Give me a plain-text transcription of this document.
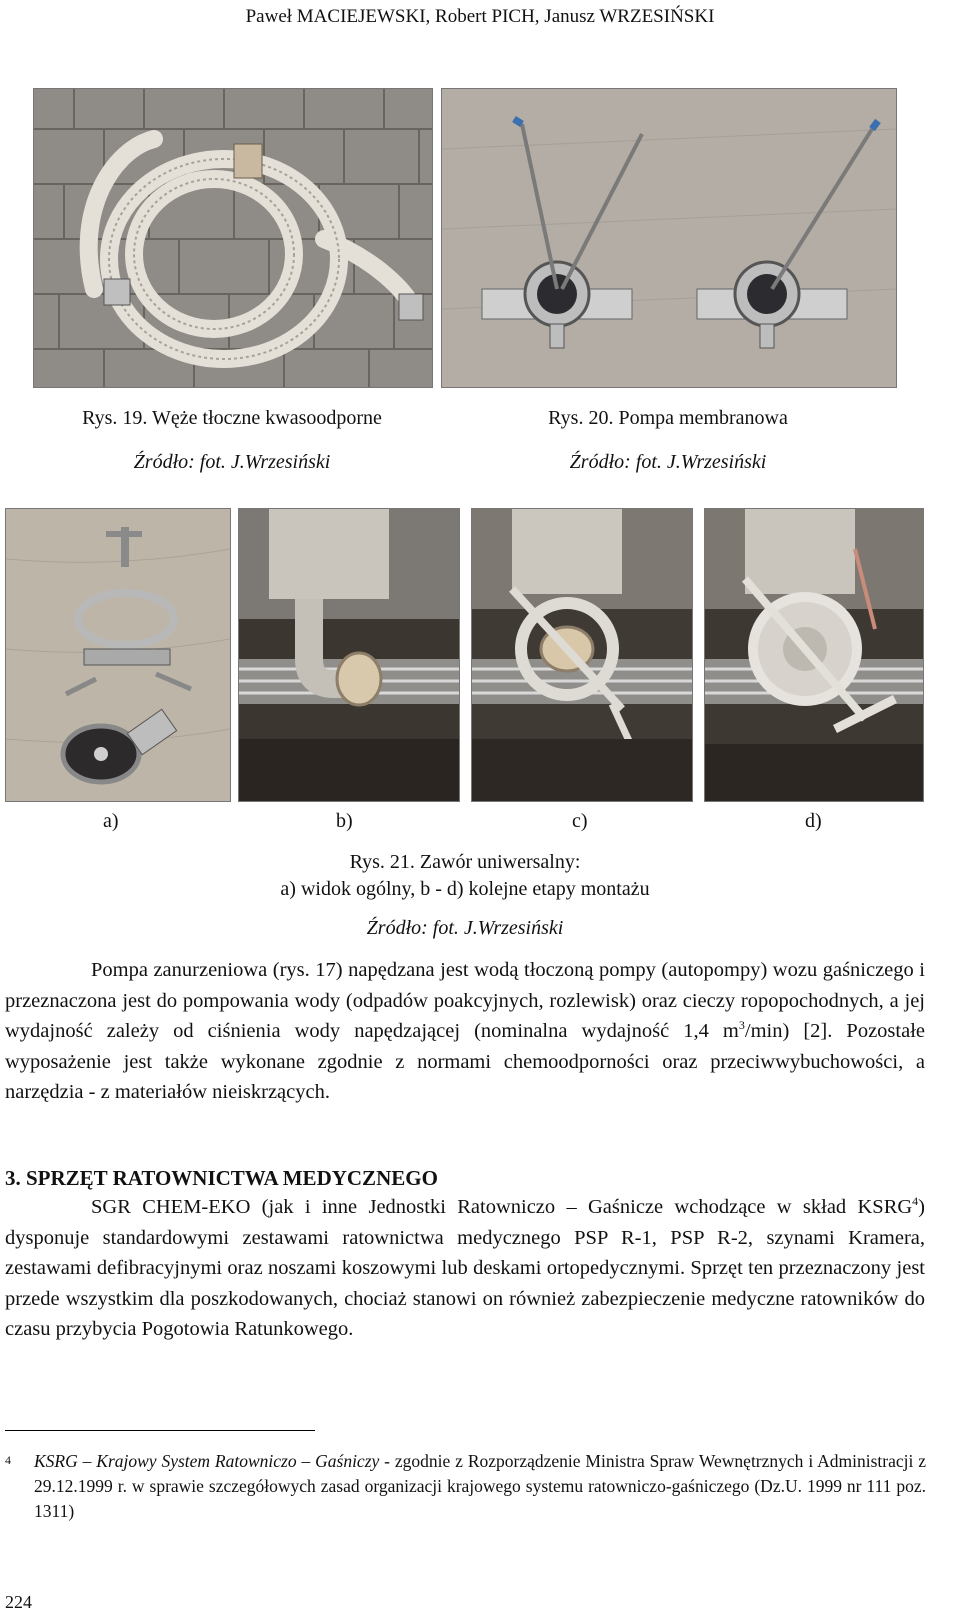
Paweł MACIEJEWSKI, Robert PICH, Janusz WRZESIŃSKI
Rys. 19. Węże tłoczne kwasoodporne
Źródło: fot. J.Wrzesiński
Rys. 20. Pompa membranowa
Źródło: fot. J.Wrzesiński
a)	b)	c)	d)
Rys. 21. Zawór uniwersalny:
a) widok ogólny, b - d) kolejne etapy montażu
Źródło: fot. J.Wrzesiński

Pompa zanurzeniowa (rys. 17) napędzana jest wodą tłoczoną pompy (autopompy) wozu gaśniczego i przeznaczona jest do pompowania wody (odpadów poakcyjnych, rozlewisk) oraz cieczy ropopochodnych, a jej wydajność zależy od ciśnienia wody napędzającej (nominalna wydajność 1,4 $m^3/\min$) [2]. Pozostałe wyposażenie jest także wykonane zgodnie z normami chemoodporności oraz przeciwwybuchowości, a narzędzia - z materiałów nieiskrzących.

3. SPRZĘT RATOWNICTWA MEDYCZNEGO

SGR CHEM-EKO (jak i inne Jednostki Ratowniczo – Gaśnicze wchodzące w skład KSRG$^4$) dysponuje standardowymi zestawami ratownictwa medycznego PSP R-1, PSP R-2, szynami Kramera, zestawami defibracyjnymi oraz noszami koszowymi lub deskami ortopedycznymi. Sprzęt ten przeznaczony jest przede wszystkim dla poszkodowanych, chociaż stanowi on również zabezpieczenie medyczne ratowników do czasu przybycia Pogotowia Ratunkowego.

4 KSRG – Krajowy System Ratowniczo – Gaśniczy - zgodnie z Rozporządzenie Ministra Spraw Wewnętrznych i Administracji z 29.12.1999 r. w sprawie szczegółowych zasad organizacji krajowego systemu ratowniczo-gaśniczego (Dz.U. 1999 nr 111 poz. 1311)
224
